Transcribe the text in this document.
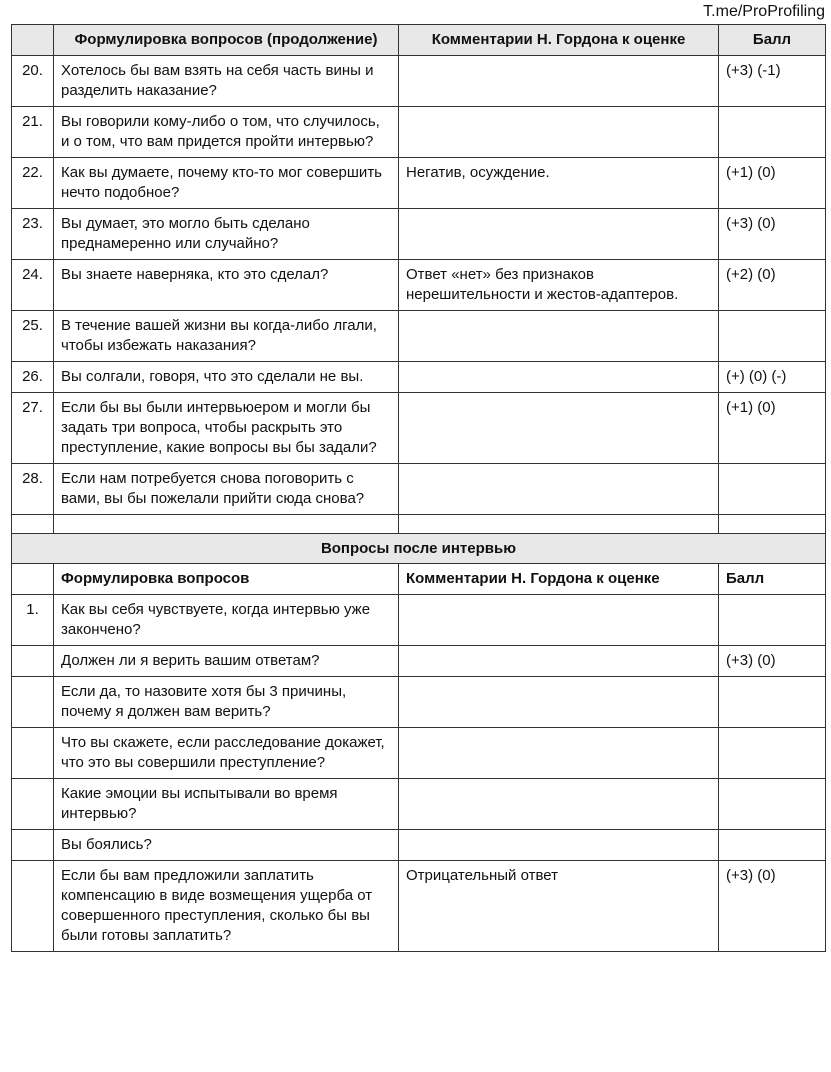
T.me/ProProfiling
	Формулировка вопросов (продолжение)	Комментарии Н. Гордона к оценке	Балл
20.	Хотелось бы вам взять на себя часть вины и разделить наказание?		(+3) (-1)
21.	Вы говорили кому-либо о том, что случилось, и о том, что вам придется пройти интервью?		
22.	Как вы думаете, почему кто-то мог совершить нечто подобное?	Негатив, осуждение.	(+1) (0)
23.	Вы думает, это могло быть сделано преднамеренно или случайно?		(+3) (0)
24.	Вы знаете наверняка, кто это сделал?	Ответ «нет» без признаков нерешительности и жестов-адаптеров.	(+2) (0)
25.	В течение вашей жизни вы когда-либо лгали, чтобы избежать наказания?		
26.	Вы солгали, говоря, что это сделали не вы.		(+) (0) (-)
27.	Если бы вы были интервьюером и могли бы задать три вопроса, чтобы раскрыть это преступление, какие вопросы вы бы задали?		(+1) (0)
28.	Если нам потребуется снова поговорить с вами, вы бы пожелали прийти сюда снова?		

Вопросы после интервью			
	Формулировка вопросов	Комментарии Н. Гордона к оценке	Балл
1.	Как вы себя чувствуете, когда интервью уже закончено?		
	Должен ли я верить вашим ответам?		(+3) (0)
	Если да, то назовите хотя бы 3 причины, почему я должен вам верить?		
	Что вы скажете, если расследование докажет, что это вы совершили преступление?		
	Какие эмоции вы испытывали во время интервью?		
	Вы боялись?		
	Если бы вам предложили заплатить компенсацию в виде возмещения ущерба от совершенного преступления, сколько бы вы были готовы заплатить?	Отрицательный ответ	(+3) (0)
